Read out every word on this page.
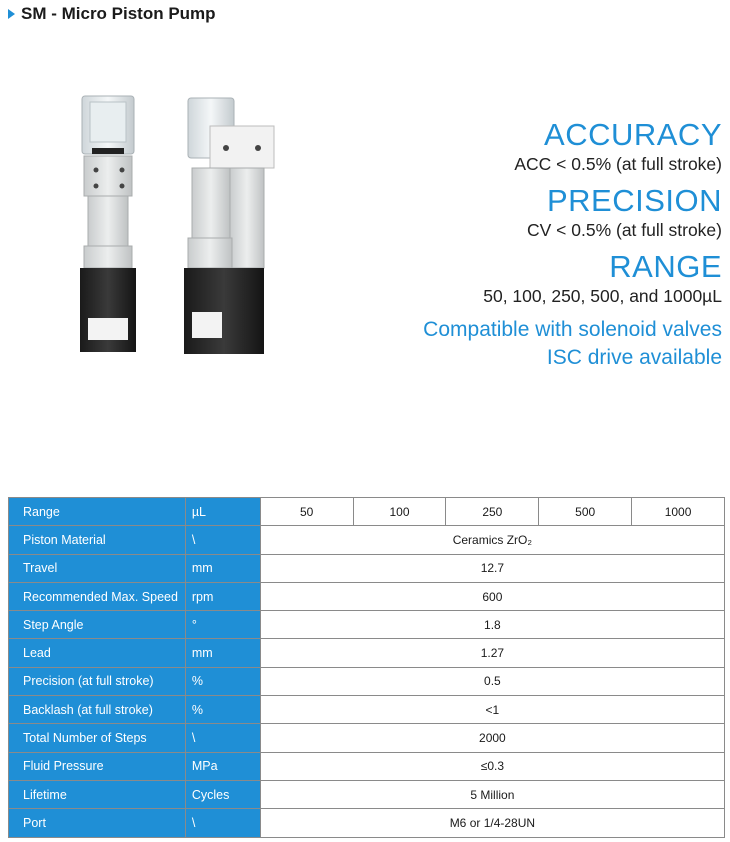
SM - Micro Piston Pump
ACCURACY
ACC < 0.5% (at full stroke)
PRECISION
CV < 0.5% (at full stroke)
RANGE
50, 100, 250, 500, and 1000µL
Compatible with solenoid valves
ISC drive available
Range	µL	50	100	250	500	1000
Piston Material	\	Ceramics ZrO₂				
Travel	mm	12.7				
Recommended Max. Speed	rpm	600				
Step Angle	°	1.8				
Lead	mm	1.27				
Precision (at full stroke)	%	0.5				
Backlash (at full stroke)	%	<1				
Total Number of Steps	\	2000				
Fluid Pressure	MPa	≤0.3				
Lifetime	Cycles	5 Million				
Port	\	M6 or 1/4-28UN				
